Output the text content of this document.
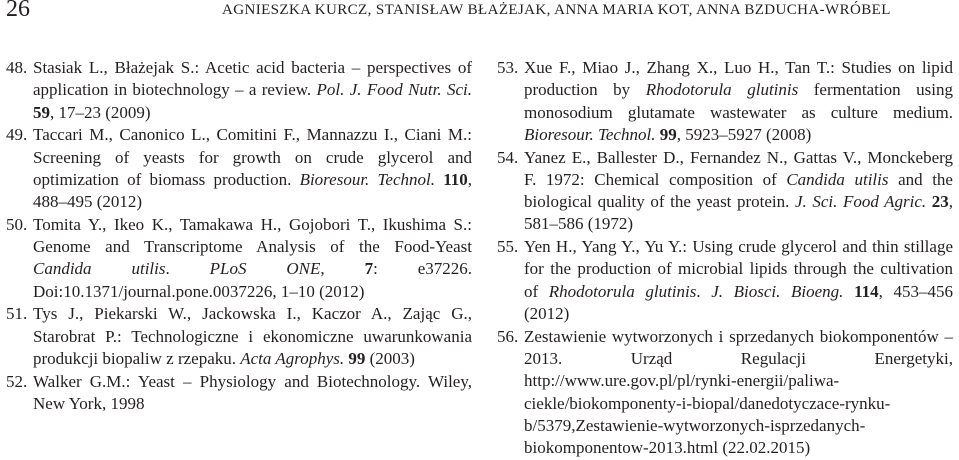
26	AGNIESZKA KURCZ, STANISŁAW BŁAŻEJAK, ANNA MARIA KOT, ANNA BZDUCHA-WRÓBEL
48. Stasiak L., Błażejak S.: Acetic acid bacteria – perspectives of application in biotechnology – a review. Pol. J. Food Nutr. Sci. 59, 17‒23 (2009)
49. Taccari M., Canonico L., Comitini F., Mannazzu I., Ciani M.: Screening of yeasts for growth on crude glycerol and optimization of biomass production. Bioresour. Technol. 110, 488‒495 (2012)
50. Tomita Y., Ikeo K., Tamakawa H., Gojobori T., Ikushima S.: Genome and Transcriptome Analysis of the Food-Yeast Candida utilis. PLoS ONE, 7: e37226. Doi:10.1371/journal.pone.0037226, 1‒10 (2012)
51. Tys J., Piekarski W., Jackowska I., Kaczor A., Zając G., Starobrat P.: Technologiczne i ekonomiczne uwarunkowania produkcji biopaliw z rzepaku. Acta Agrophys. 99 (2003)
52. Walker G.M.: Yeast – Physiology and Biotechnology. Wiley, New York, 1998
53. Xue F., Miao J., Zhang X., Luo H., Tan T.: Studies on lipid production by Rhodotorula glutinis fermentation using monosodium glutamate wastewater as culture medium. Bioresour. Technol. 99, 5923‒5927 (2008)
54. Yanez E., Ballester D., Fernandez N., Gattas V., Monckeberg F. 1972: Chemical composition of Candida utilis and the biological quality of the yeast protein. J. Sci. Food Agric. 23, 581‒586 (1972)
55. Yen H., Yang Y., Yu Y.: Using crude glycerol and thin stillage for the production of microbial lipids through the cultivation of Rhodotorula glutinis. J. Biosci. Bioeng. 114, 453‒456 (2012)
56. Zestawienie wytworzonych i sprzedanych biokomponentów – 2013. Urząd Regulacji Energetyki, http://www.ure.gov.pl/pl/rynki-energii/paliwa-ciekle/biokomponenty-i-biopal/danedotyczace-rynku-b/5379,Zestawienie-wytworzonych-isprzedanych-biokomponentow-2013.html (22.02.2015)
